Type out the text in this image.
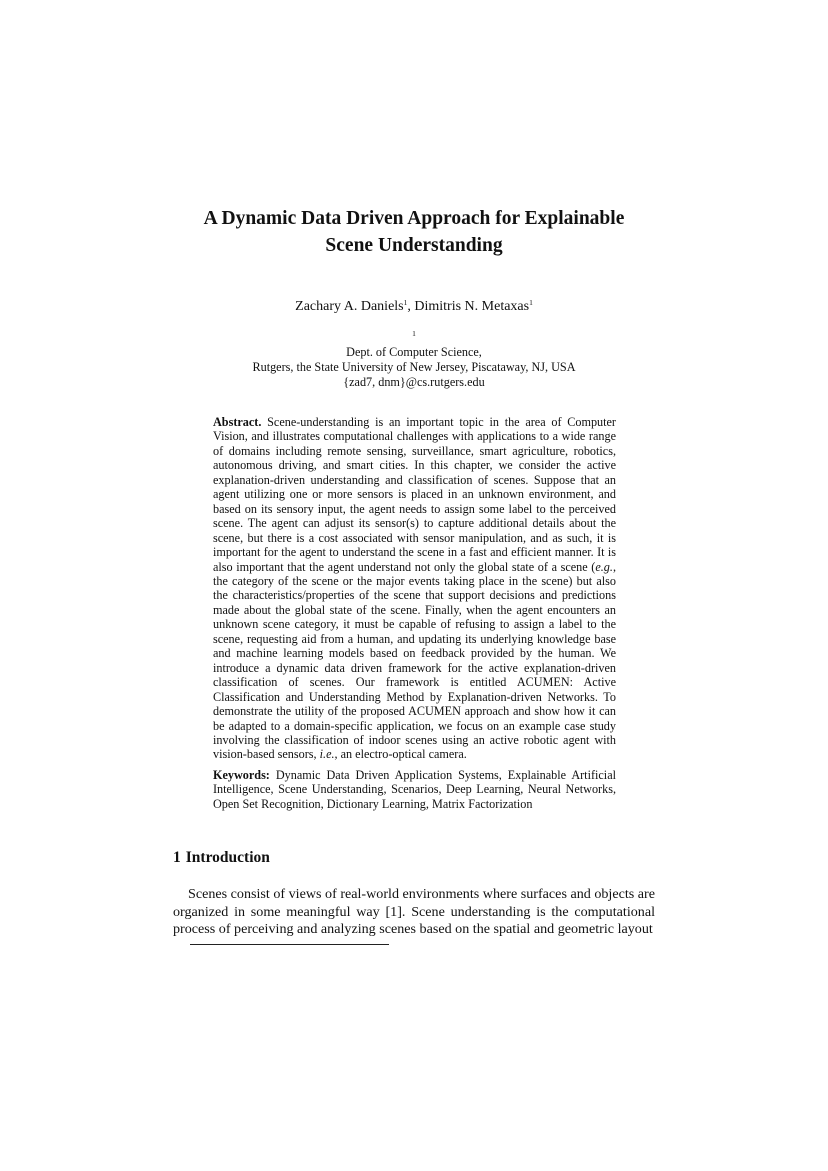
A Dynamic Data Driven Approach for Explainable
Scene Understanding
Zachary A. Daniels$^1$, Dimitris N. Metaxas$^1$
$^1$
Dept. of Computer Science,
Rutgers, the State University of New Jersey, Piscataway, NJ, USA
{zad7, dnm}@cs.rutgers.edu
Abstract. Scene-understanding is an important topic in the area of Computer Vision, and illustrates computational challenges with applications to a wide range of domains including remote sensing, surveillance, smart agriculture, robotics, autonomous driving, and smart cities. In this chapter, we consider the active explanation-driven understanding and classification of scenes. Suppose that an agent utilizing one or more sensors is placed in an unknown environment, and based on its sensory input, the agent needs to assign some label to the perceived scene. The agent can adjust its sensor(s) to capture additional details about the scene, but there is a cost associated with sensor manipulation, and as such, it is important for the agent to understand the scene in a fast and efficient manner. It is also important that the agent understand not only the global state of a scene (e.g., the category of the scene or the major events taking place in the scene) but also the characteristics/properties of the scene that support decisions and predictions made about the global state of the scene. Finally, when the agent encounters an unknown scene category, it must be capable of refusing to assign a label to the scene, requesting aid from a human, and updating its underlying knowledge base and machine learning models based on feedback provided by the human. We introduce a dynamic data driven framework for the active explanation-driven classification of scenes. Our framework is entitled ACUMEN: Active Classification and Understanding Method by Explanation-driven Networks. To demonstrate the utility of the proposed ACUMEN approach and show how it can be adapted to a domain-specific application, we focus on an example case study involving the classification of indoor scenes using an active robotic agent with vision-based sensors, i.e., an electro-optical camera.
Keywords: Dynamic Data Driven Application Systems, Explainable Artificial Intelligence, Scene Understanding, Scenarios, Deep Learning, Neural Networks, Open Set Recognition, Dictionary Learning, Matrix Factorization
1 Introduction

Scenes consist of views of real-world environments where surfaces and objects are organized in some meaningful way [1]. Scene understanding is the computational process of perceiving and analyzing scenes based on the spatial and geometric layout
